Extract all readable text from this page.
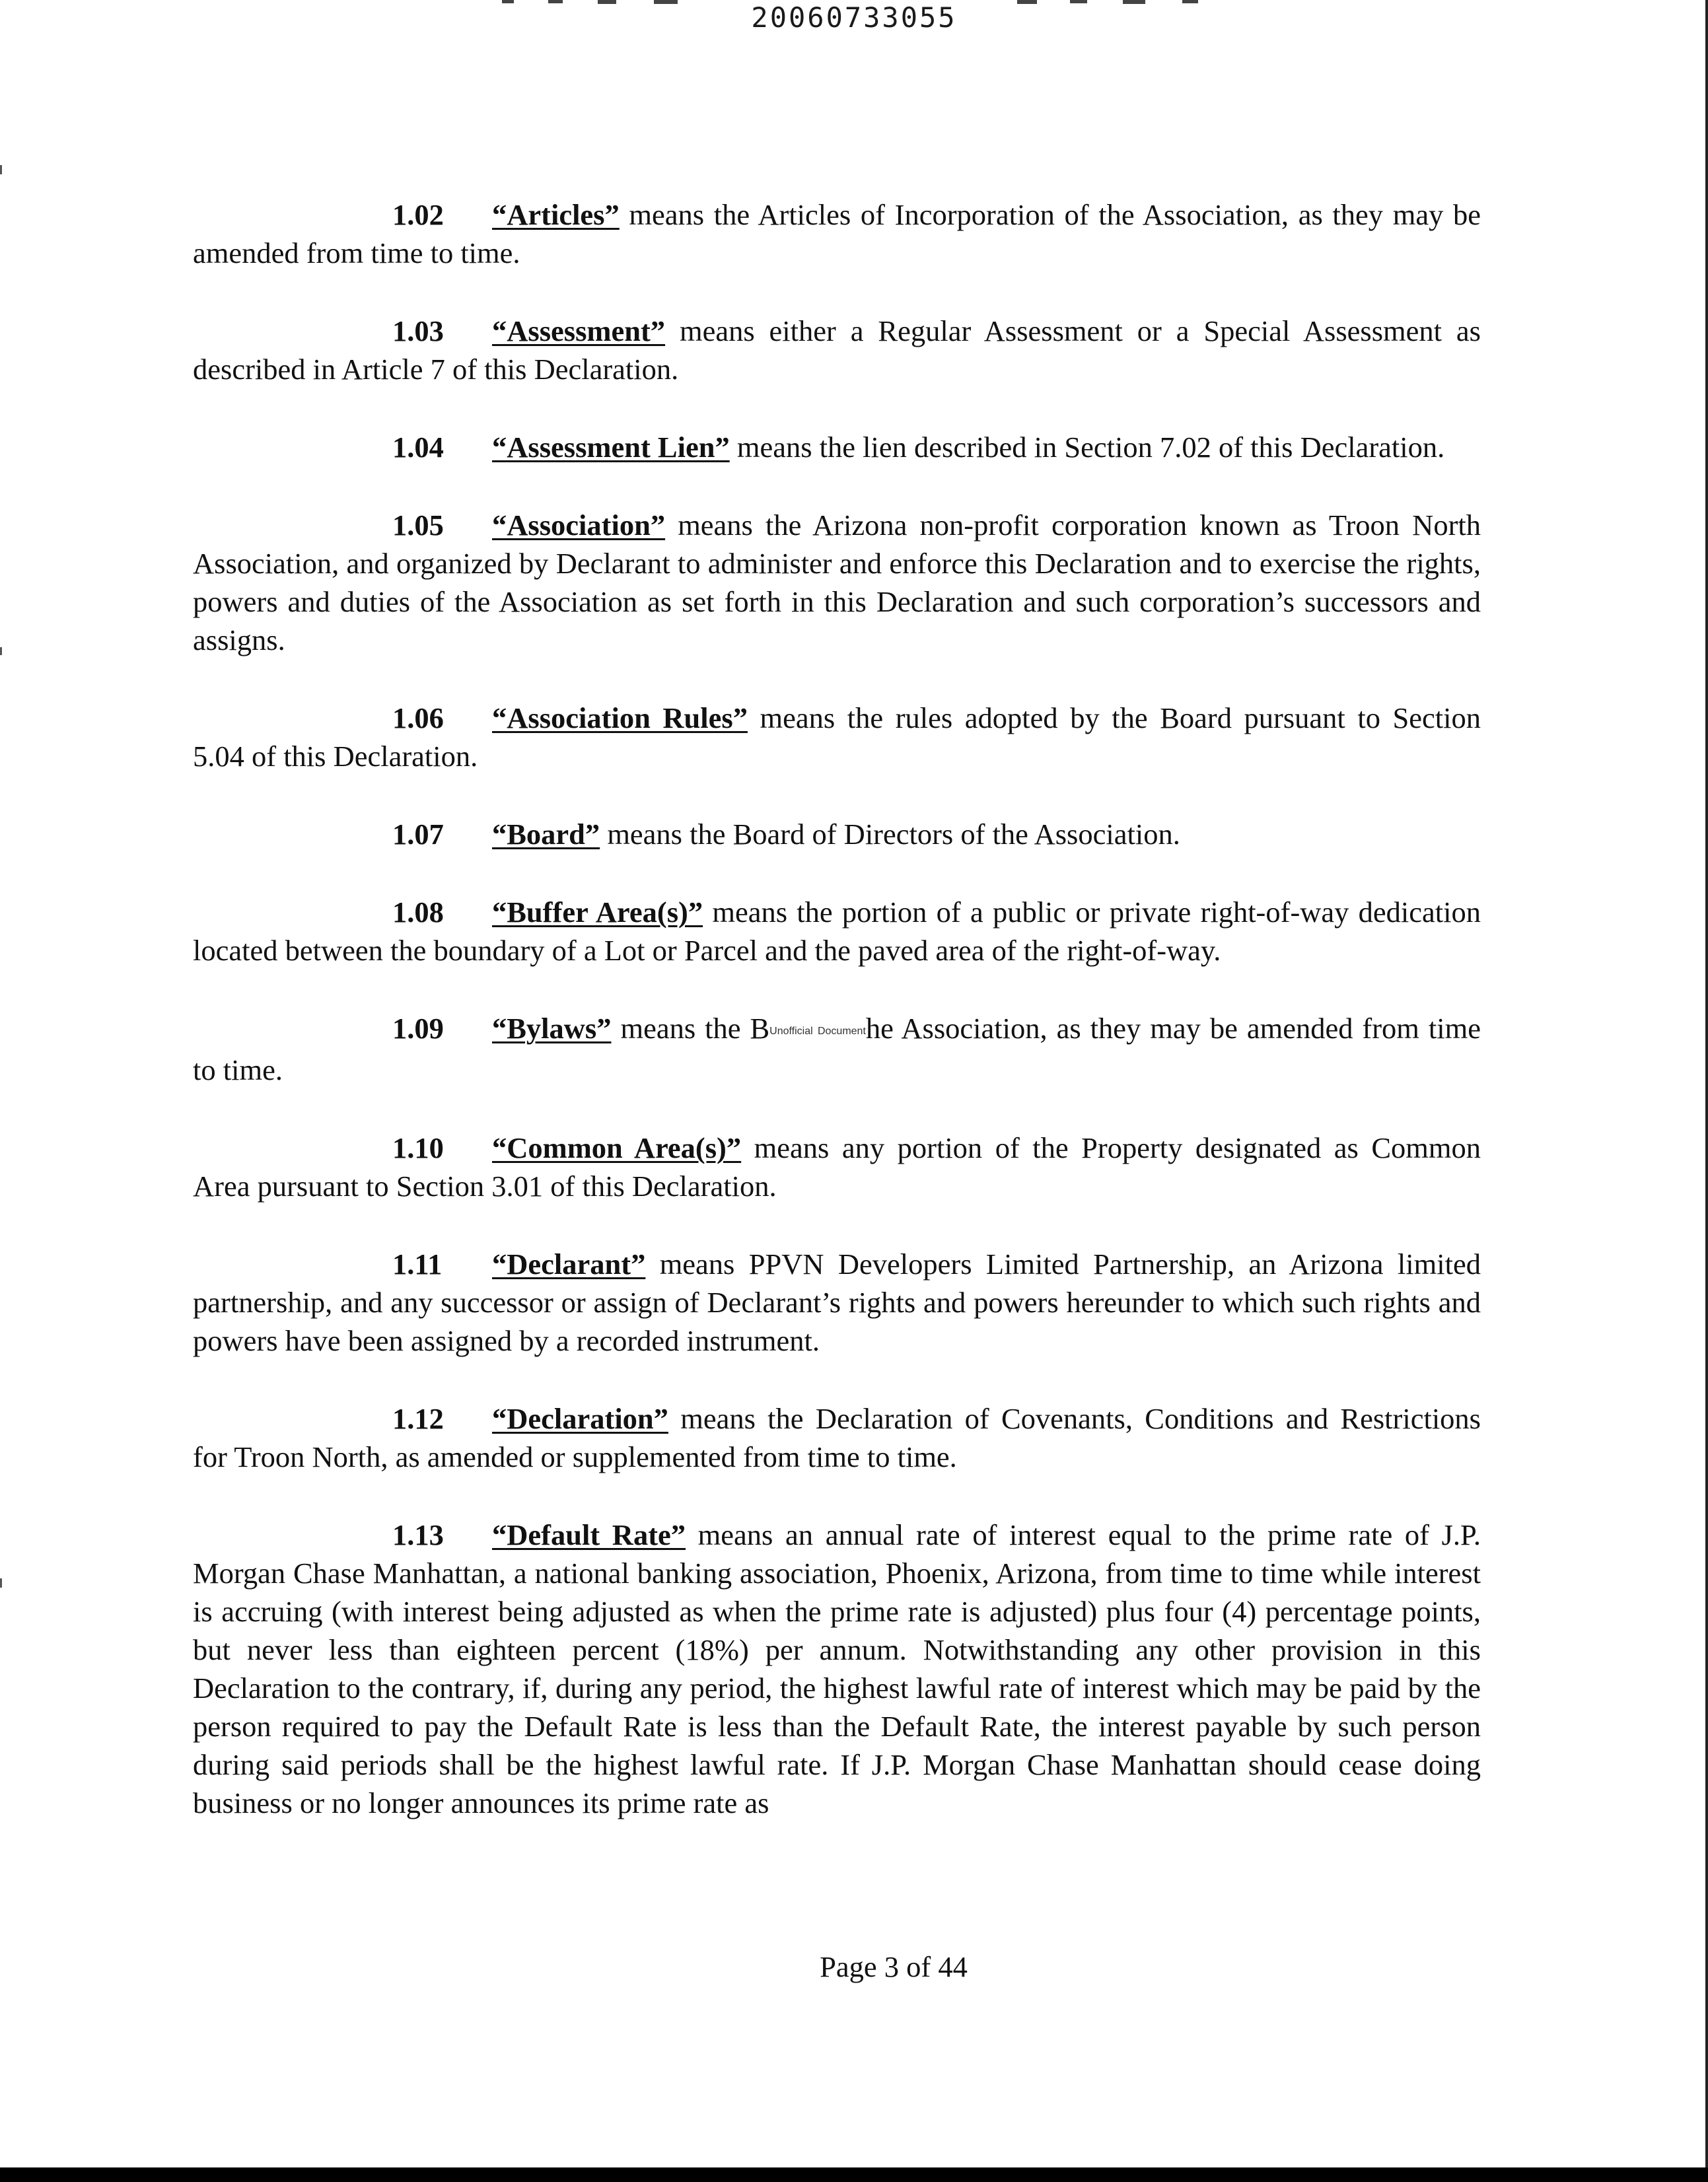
20060733055

1.02 “Articles” means the Articles of Incorporation of the Association, as they may be amended from time to time.

1.03 “Assessment” means either a Regular Assessment or a Special Assessment as described in Article 7 of this Declaration.

1.04 “Assessment Lien” means the lien described in Section 7.02 of this Declaration.

1.05 “Association” means the Arizona non-profit corporation known as Troon North Association, and organized by Declarant to administer and enforce this Declaration and to exercise the rights, powers and duties of the Association as set forth in this Declaration and such corporation’s successors and assigns.

1.06 “Association Rules” means the rules adopted by the Board pursuant to Section 5.04 of this Declaration.

1.07 “Board” means the Board of Directors of the Association.

1.08 “Buffer Area(s)” means the portion of a public or private right-of-way dedication located between the boundary of a Lot or Parcel and the paved area of the right-of-way.

1.09 “Bylaws” means the BUnofficial Documenthe Association, as they may be amended from time to time.

1.10 “Common Area(s)” means any portion of the Property designated as Common Area pursuant to Section 3.01 of this Declaration.

1.11 “Declarant” means PPVN Developers Limited Partnership, an Arizona limited partnership, and any successor or assign of Declarant’s rights and powers hereunder to which such rights and powers have been assigned by a recorded instrument.

1.12 “Declaration” means the Declaration of Covenants, Conditions and Restrictions for Troon North, as amended or supplemented from time to time.

1.13 “Default Rate” means an annual rate of interest equal to the prime rate of J.P. Morgan Chase Manhattan, a national banking association, Phoenix, Arizona, from time to time while interest is accruing (with interest being adjusted as when the prime rate is adjusted) plus four (4) percentage points, but never less than eighteen percent (18%) per annum. Notwithstanding any other provision in this Declaration to the contrary, if, during any period, the highest lawful rate of interest which may be paid by the person required to pay the Default Rate is less than the Default Rate, the interest payable by such person during said periods shall be the highest lawful rate. If J.P. Morgan Chase Manhattan should cease doing business or no longer announces its prime rate as

Page 3 of 44
